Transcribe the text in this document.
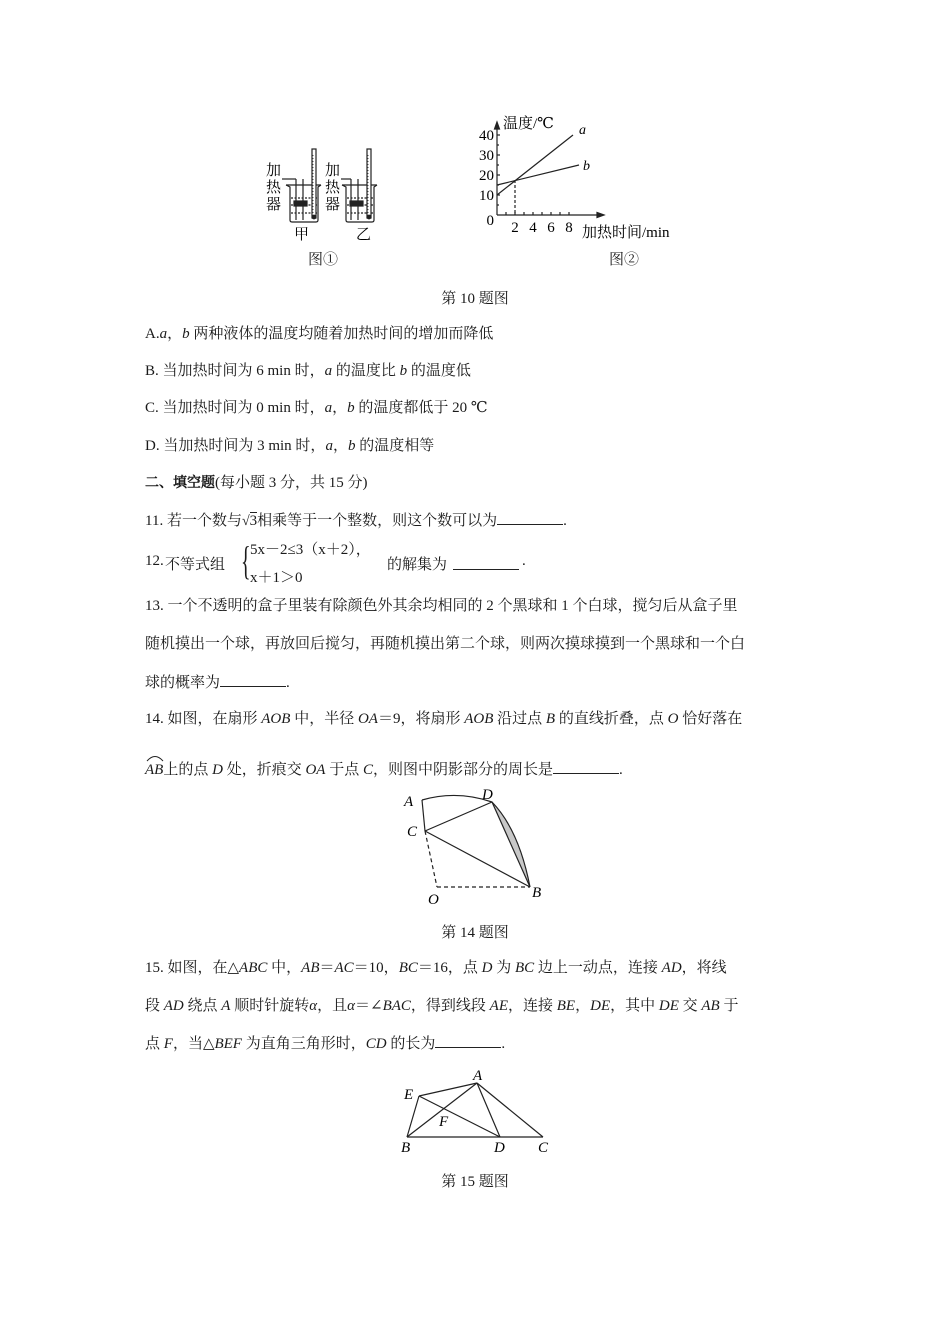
加
热
器
甲
加
热
器
乙
图①
40
30
20
10
0 2 4 6 8
温度/℃
加热时间/min
a
b
图②
第 10 题图
A.a，b 两种液体的温度均随着加热时间的增加而降低
B. 当加热时间为 6 min 时，a 的温度比 b 的温度低
C. 当加热时间为 0 min 时，a，b 的温度都低于 20 ℃
D. 当加热时间为 3 min 时，a，b 的温度相等
二、填空题(每小题 3 分，共 15 分)
11. 若一个数与√3相乘等于一个整数，则这个数可以为	.
12. 不等式组 { 5x－2≤3（x＋2），
x＋1＞0
的解集为	.
13. 一个不透明的盒子里装有除颜色外其余均相同的 2 个黑球和 1 个白球，搅匀后从盒子里
随机摸出一个球，再放回后搅匀，再随机摸出第二个球，则两次摸球摸到一个黑球和一个白
球的概率为	.
14. 如图，在扇形 AOB 中，半径 OA＝9，将扇形 AOB 沿过点 B 的直线折叠，点 O 恰好落在
AB上的点 D 处，折痕交 OA 于点 C，则图中阴影部分的周长是	.
A	D
C
O	B
第 14 题图
15. 如图，在△ABC 中，AB＝AC＝10，BC＝16，点 D 为 BC 边上一动点，连接 AD，将线
段 AD 绕点 A 顺时针旋转α，且α＝∠BAC，得到线段 AE，连接 BE，DE，其中 DE 交 AB 于
点 F，当△BEF 为直角三角形时，CD 的长为	.
A
E
F
B	D C
第 15 题图
